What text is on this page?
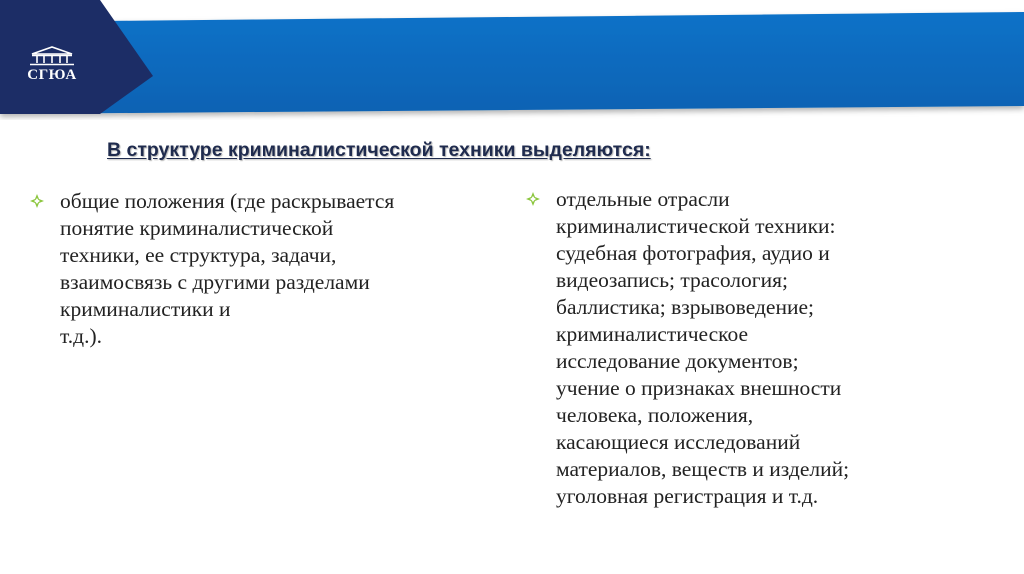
СГЮА
В структуре криминалистической техники выделяются:
общие положения (где раскрывается
понятие криминалистической
техники, ее структура, задачи,
взаимосвязь с другими разделами
криминалистики и
т.д.).
отдельные отрасли
криминалистической техники:
судебная фотография, аудио и
видеозапись; трасология;
баллистика; взрывоведение;
криминалистическое
исследование документов;
учение о признаках внешности
человека, положения,
касающиеся исследований
материалов, веществ и изделий;
уголовная регистрация и т.д.
